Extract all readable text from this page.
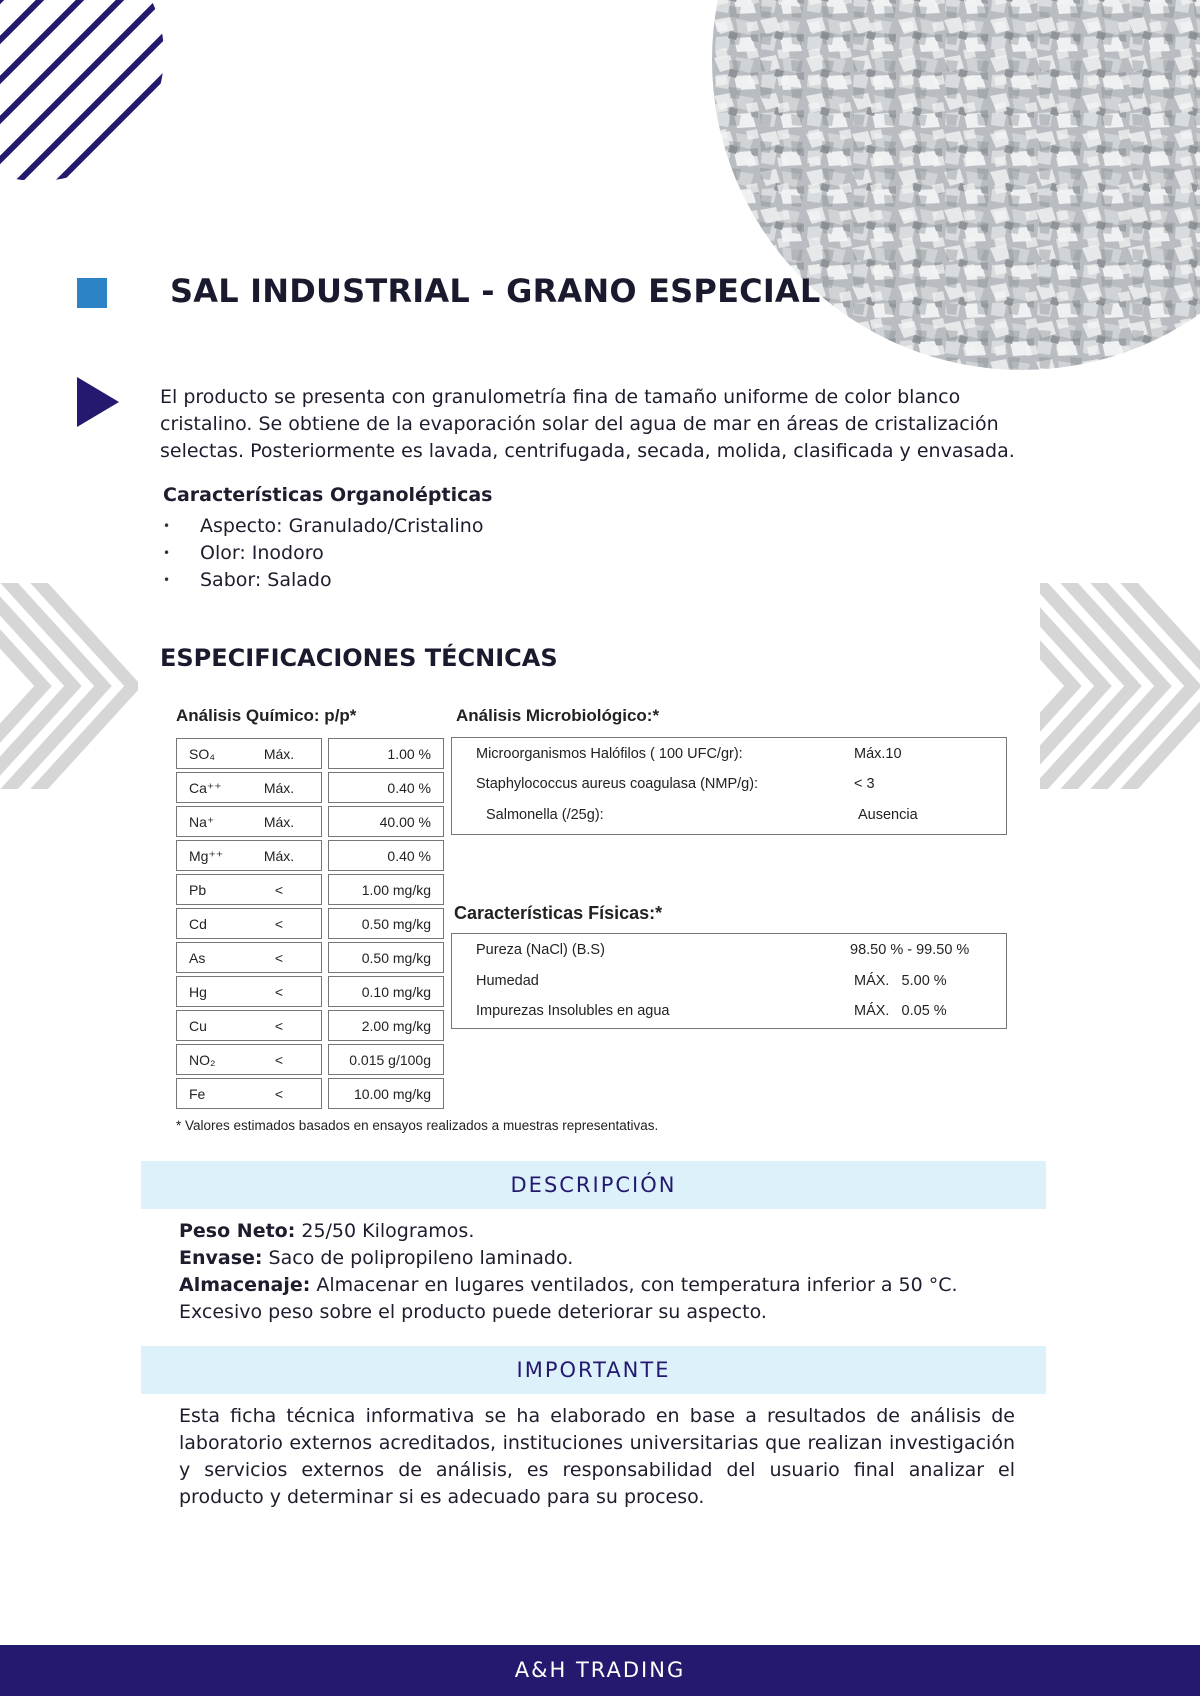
SAL INDUSTRIAL - GRANO ESPECIAL

El producto se presenta con granulometría fina de tamaño uniforme de color blanco cristalino. Se obtiene de la evaporación solar del agua de mar en áreas de cristalización selectas. Posteriormente es lavada, centrifugada, secada, molida, clasificada y envasada.

Características Organolépticas
• Aspecto: Granulado/Cristalino
• Olor: Inodoro
• Sabor: Salado
ESPECIFICACIONES TÉCNICAS
Análisis Químico: p/p*	Análisis Microbiológico:*
SO₄	Máx.	1.00 %
Ca⁺⁺	Máx.	0.40 %
Na⁺	Máx.	40.00 %
Mg⁺⁺	Máx.	0.40 %
Pb	<	1.00 mg/kg
Cd	<	0.50 mg/kg
As	<	0.50 mg/kg
Hg	<	0.10 mg/kg
Cu	<	2.00 mg/kg
NO₂	<	0.015 g/100g
Fe	<	10.00 mg/kg
Microorganismos Halófilos ( 100 UFC/gr):	Máx.10
Staphylococcus aureus coagulasa (NMP/g):	< 3
Salmonella (/25g):	Ausencia
Características Físicas:*
Pureza (NaCl) (B.S)	98.50 % - 99.50 %
Humedad	MÁX.   5.00 %
Impurezas Insolubles en agua	MÁX.   0.05 %
* Valores estimados basados en ensayos realizados a muestras representativas.
DESCRIPCIÓN
Peso Neto: 25/50 Kilogramos.
Envase: Saco de polipropileno laminado.
Almacenaje: Almacenar en lugares ventilados, con temperatura inferior a 50 °C.
Excesivo peso sobre el producto puede deteriorar su aspecto.
IMPORTANTE

Esta ficha técnica informativa se ha elaborado en base a resultados de análisis de laboratorio externos acreditados, instituciones universitarias que realizan investigación y servicios externos de análisis, es responsabilidad del usuario final analizar el producto y determinar si es adecuado para su proceso.

A&H TRADING
